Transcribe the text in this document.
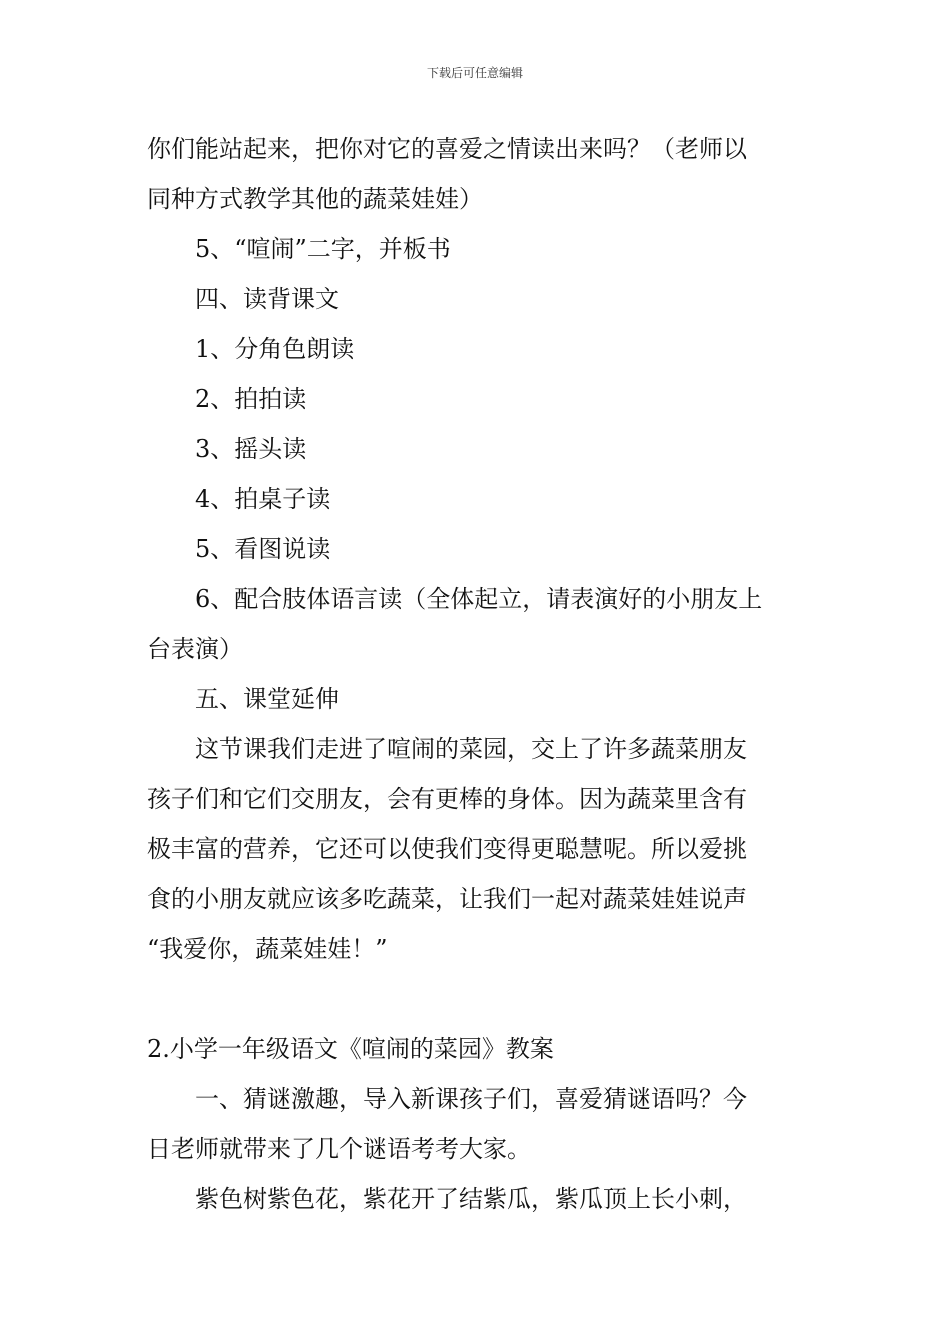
下载后可任意编辑

你们能站起来，把你对它的喜爱之情读出来吗？（老师以

同种方式教学其他的蔬菜娃娃）

5、“喧闹”二字，并板书

四、读背课文

1、分角色朗读

2、拍拍读

3、摇头读

4、拍桌子读

5、看图说读

6、配合肢体语言读（全体起立，请表演好的小朋友上

台表演）

五、课堂延伸

这节课我们走进了喧闹的菜园，交上了许多蔬菜朋友

孩子们和它们交朋友，会有更棒的身体。因为蔬菜里含有

极丰富的营养，它还可以使我们变得更聪慧呢。所以爱挑

食的小朋友就应该多吃蔬菜，让我们一起对蔬菜娃娃说声

“我爱你，蔬菜娃娃！”

2.小学一年级语文《喧闹的菜园》教案

一、猜谜激趣，导入新课孩子们，喜爱猜谜语吗？今

日老师就带来了几个谜语考考大家。

紫色树紫色花，紫花开了结紫瓜，紫瓜顶上长小刺，
